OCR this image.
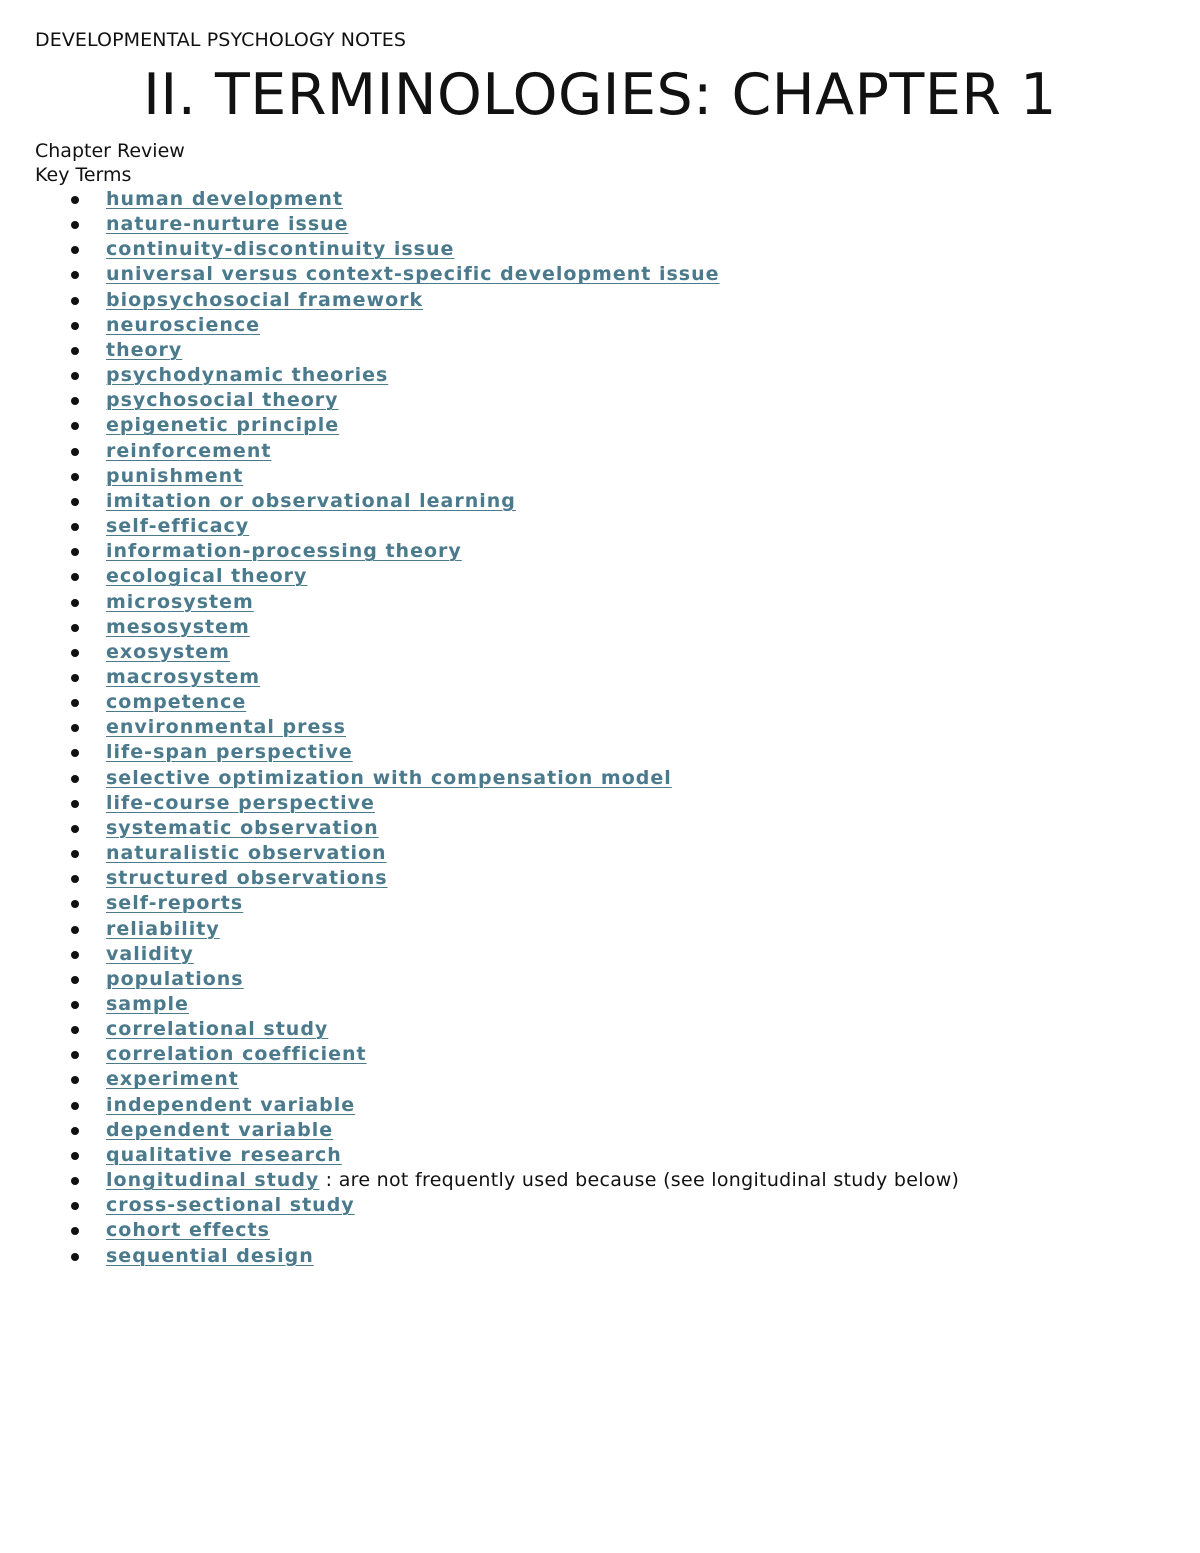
DEVELOPMENTAL PSYCHOLOGY NOTES
II. TERMINOLOGIES: CHAPTER 1
Chapter Review
Key Terms
human development
nature-nurture issue
continuity-discontinuity issue
universal versus context-specific development issue
biopsychosocial framework
neuroscience
theory
psychodynamic theories
psychosocial theory
epigenetic principle
reinforcement
punishment
imitation or observational learning
self-efficacy
information-processing theory
ecological theory
microsystem
mesosystem
exosystem
macrosystem
competence
environmental press
life-span perspective
selective optimization with compensation model
life-course perspective
systematic observation
naturalistic observation
structured observations
self-reports
reliability
validity
populations
sample
correlational study
correlation coefficient
experiment
independent variable
dependent variable
qualitative research
longitudinal study : are not frequently used because (see longitudinal study below)
cross-sectional study
cohort effects
sequential design
